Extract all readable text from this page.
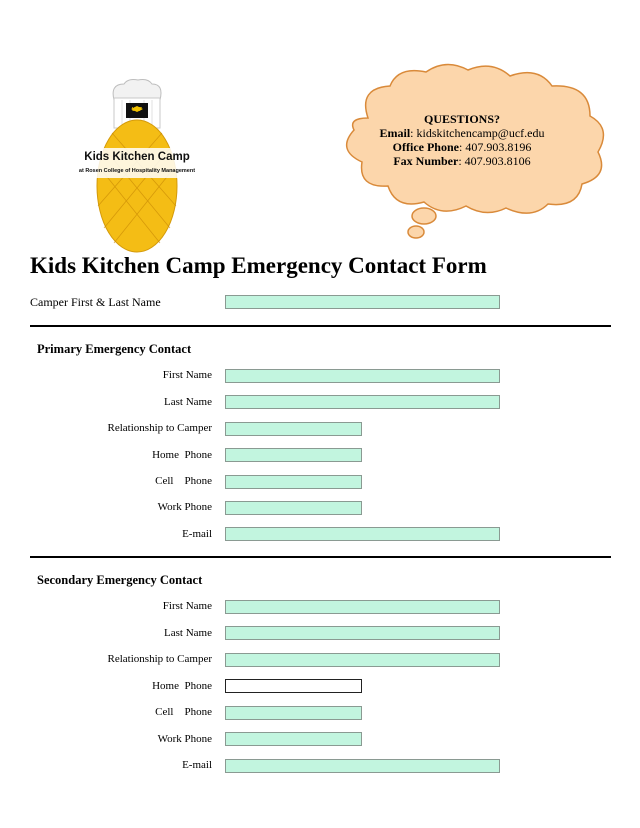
UCF
Kids Kitchen Camp
at Rosen College of Hospitality Management
QUESTIONS?
Email: kidskitchencamp@ucf.edu
Office Phone: 407.903.8196
Fax Number: 407.903.8106
Kids Kitchen Camp Emergency Contact Form
Camper First & Last Name
Primary Emergency Contact
First Name
Last Name
Relationship to Camper
Home  Phone
Cell    Phone
Work Phone
E-mail
Secondary Emergency Contact
First Name
Last Name
Relationship to Camper
Home  Phone
Cell    Phone
Work Phone
E-mail
